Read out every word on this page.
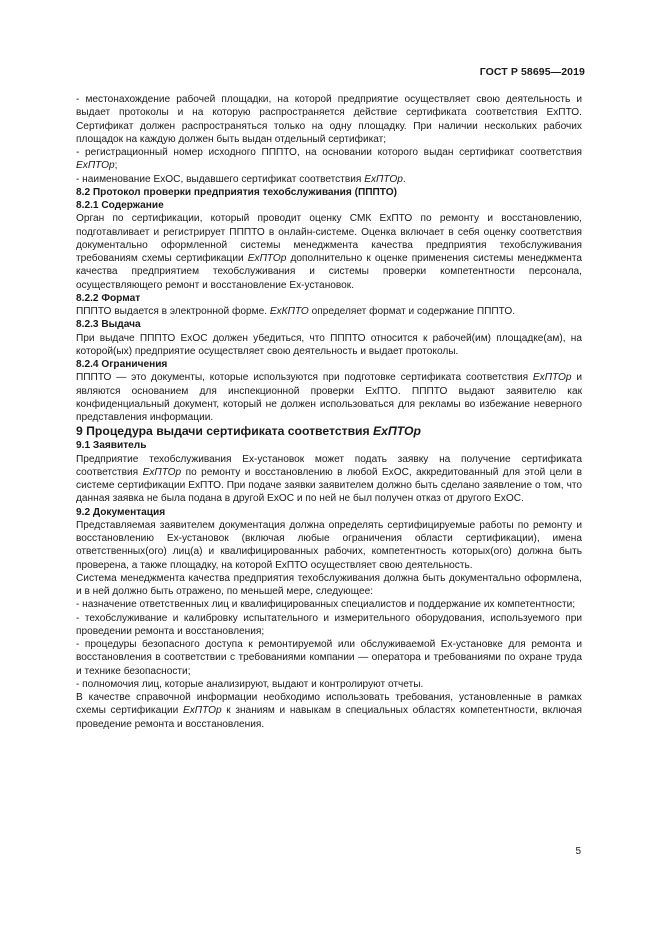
ГОСТ Р 58695—2019

- местонахождение рабочей площадки, на которой предприятие осуществляет свою деятельность и выдает протоколы и на которую распространяется действие сертификата соответствия ЕхПТО. Сертификат должен распространяться только на одну площадку. При наличии нескольких рабочих площадок на каждую должен быть выдан отдельный сертификат;

- регистрационный номер исходного ПППТО, на основании которого выдан сертификат соответствия ЕхПТОр;

- наименование ЕхОС, выдавшего сертификат соответствия ЕхПТОр.

8.2 Протокол проверки предприятия техобслуживания (ПППТО)

8.2.1 Содержание

Орган по сертификации, который проводит оценку СМК ЕхПТО по ремонту и восстановлению, подготавливает и регистрирует ПППТО в онлайн-системе. Оценка включает в себя оценку соответствия документально оформленной системы менеджмента качества предприятия техобслуживания требованиям схемы сертификации ЕхПТОр дополнительно к оценке применения системы менеджмента качества предприятием техобслуживания и системы проверки компетентности персонала, осуществляющего ремонт и восстановление Ех-установок.

8.2.2 Формат

ПППТО выдается в электронной форме. ЕхКПТО определяет формат и содержание ПППТО.

8.2.3 Выдача

При выдаче ПППТО ЕхОС должен убедиться, что ПППТО относится к рабочей(им) площадке(ам), на которой(ых) предприятие осуществляет свою деятельность и выдает протоколы.

8.2.4 Ограничения

ПППТО — это документы, которые используются при подготовке сертификата соответствия ЕхПТОр и являются основанием для инспекционной проверки ЕхПТО. ПППТО выдают заявителю как конфиденциальный документ, который не должен использоваться для рекламы во избежание неверного представления информации.

9 Процедура выдачи сертификата соответствия ЕхПТОр

9.1 Заявитель

Предприятие техобслуживания Ех-установок может подать заявку на получение сертификата соответствия ЕхПТОр по ремонту и восстановлению в любой ЕхОС, аккредитованный для этой цели в системе сертификации ЕхПТО. При подаче заявки заявителем должно быть сделано заявление о том, что данная заявка не была подана в другой ЕхОС и по ней не был получен отказ от другого ЕхОС.

9.2 Документация

Представляемая заявителем документация должна определять сертифицируемые работы по ремонту и восстановлению Ех-установок (включая любые ограничения области сертификации), имена ответственных(ого) лиц(а) и квалифицированных рабочих, компетентность которых(ого) должна быть проверена, а также площадку, на которой ЕхПТО осуществляет свою деятельность.

Система менеджмента качества предприятия техобслуживания должна быть документально оформлена, и в ней должно быть отражено, по меньшей мере, следующее:

- назначение ответственных лиц и квалифицированных специалистов и поддержание их компетентности;

- техобслуживание и калибровку испытательного и измерительного оборудования, используемого при проведении ремонта и восстановления;

- процедуры безопасного доступа к ремонтируемой или обслуживаемой Ех-установке для ремонта и восстановления в соответствии с требованиями компании — оператора и требованиями по охране труда и технике безопасности;

- полномочия лиц, которые анализируют, выдают и контролируют отчеты.

В качестве справочной информации необходимо использовать требования, установленные в рамках схемы сертификации ЕхПТОр к знаниям и навыкам в специальных областях компетентности, включая проведение ремонта и восстановления.

5
